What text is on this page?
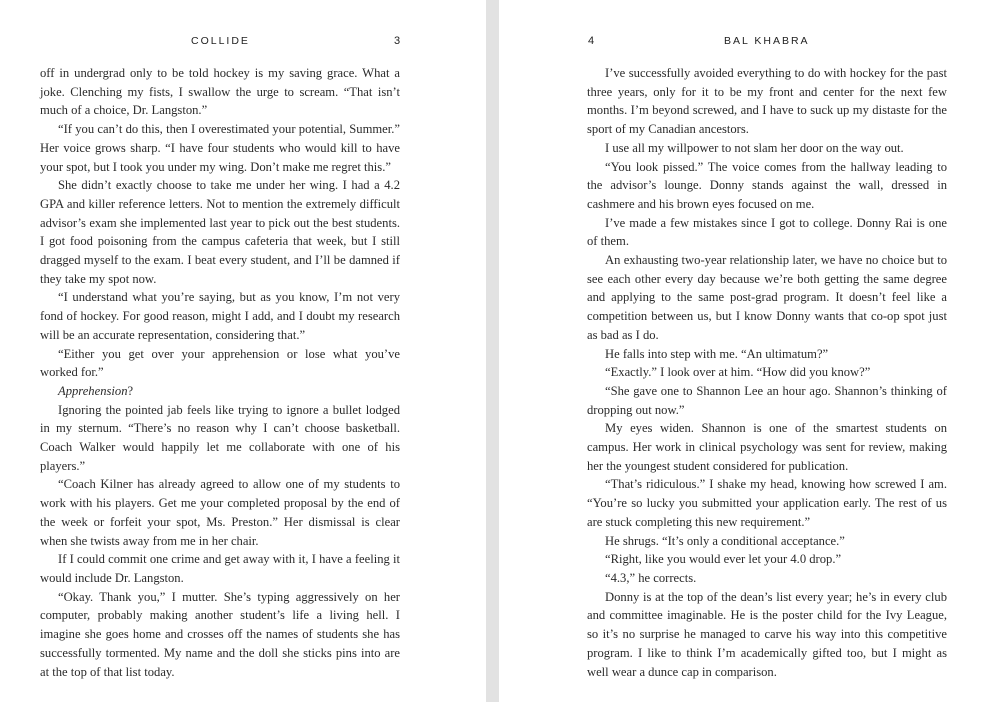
COLLIDE	3

off in undergrad only to be told hockey is my saving grace. What a joke. Clenching my fists, I swallow the urge to scream. “That isn’t much of a choice, Dr. Langston.”

“If you can’t do this, then I overestimated your potential, Summer.” Her voice grows sharp. “I have four students who would kill to have your spot, but I took you under my wing. Don’t make me regret this.”

She didn’t exactly choose to take me under her wing. I had a 4.2 GPA and killer reference letters. Not to mention the extremely difficult advisor’s exam she implemented last year to pick out the best students. I got food poisoning from the campus cafeteria that week, but I still dragged myself to the exam. I beat every student, and I’ll be damned if they take my spot now.

“I understand what you’re saying, but as you know, I’m not very fond of hockey. For good reason, might I add, and I doubt my research will be an accurate representation, considering that.”

“Either you get over your apprehension or lose what you’ve worked for.”

Apprehension?

Ignoring the pointed jab feels like trying to ignore a bullet lodged in my sternum. “There’s no reason why I can’t choose basketball. Coach Walker would happily let me collaborate with one of his players.”

“Coach Kilner has already agreed to allow one of my students to work with his players. Get me your completed proposal by the end of the week or forfeit your spot, Ms. Preston.” Her dismissal is clear when she twists away from me in her chair.

If I could commit one crime and get away with it, I have a feeling it would include Dr. Langston.

“Okay. Thank you,” I mutter. She’s typing aggressively on her computer, probably making another student’s life a living hell. I imagine she goes home and crosses off the names of students she has successfully tormented. My name and the doll she sticks pins into are at the top of that list today.

4	BAL KHABRA

I’ve successfully avoided everything to do with hockey for the past three years, only for it to be my front and center for the next few months. I’m beyond screwed, and I have to suck up my distaste for the sport of my Canadian ancestors.

I use all my willpower to not slam her door on the way out.

“You look pissed.” The voice comes from the hallway leading to the advisor’s lounge. Donny stands against the wall, dressed in cashmere and his brown eyes focused on me.

I’ve made a few mistakes since I got to college. Donny Rai is one of them.

An exhausting two-year relationship later, we have no choice but to see each other every day because we’re both getting the same degree and applying to the same post-grad program. It doesn’t feel like a competition between us, but I know Donny wants that co-op spot just as bad as I do.

He falls into step with me. “An ultimatum?”

“Exactly.” I look over at him. “How did you know?”

“She gave one to Shannon Lee an hour ago. Shannon’s thinking of dropping out now.”

My eyes widen. Shannon is one of the smartest students on campus. Her work in clinical psychology was sent for review, making her the youngest student considered for publication.

“That’s ridiculous.” I shake my head, knowing how screwed I am. “You’re so lucky you submitted your application early. The rest of us are stuck completing this new requirement.”

He shrugs. “It’s only a conditional acceptance.”

“Right, like you would ever let your 4.0 drop.”

“4.3,” he corrects.

Donny is at the top of the dean’s list every year; he’s in every club and committee imaginable. He is the poster child for the Ivy League, so it’s no surprise he managed to carve his way into this competitive program. I like to think I’m academically gifted too, but I might as well wear a dunce cap in comparison.
